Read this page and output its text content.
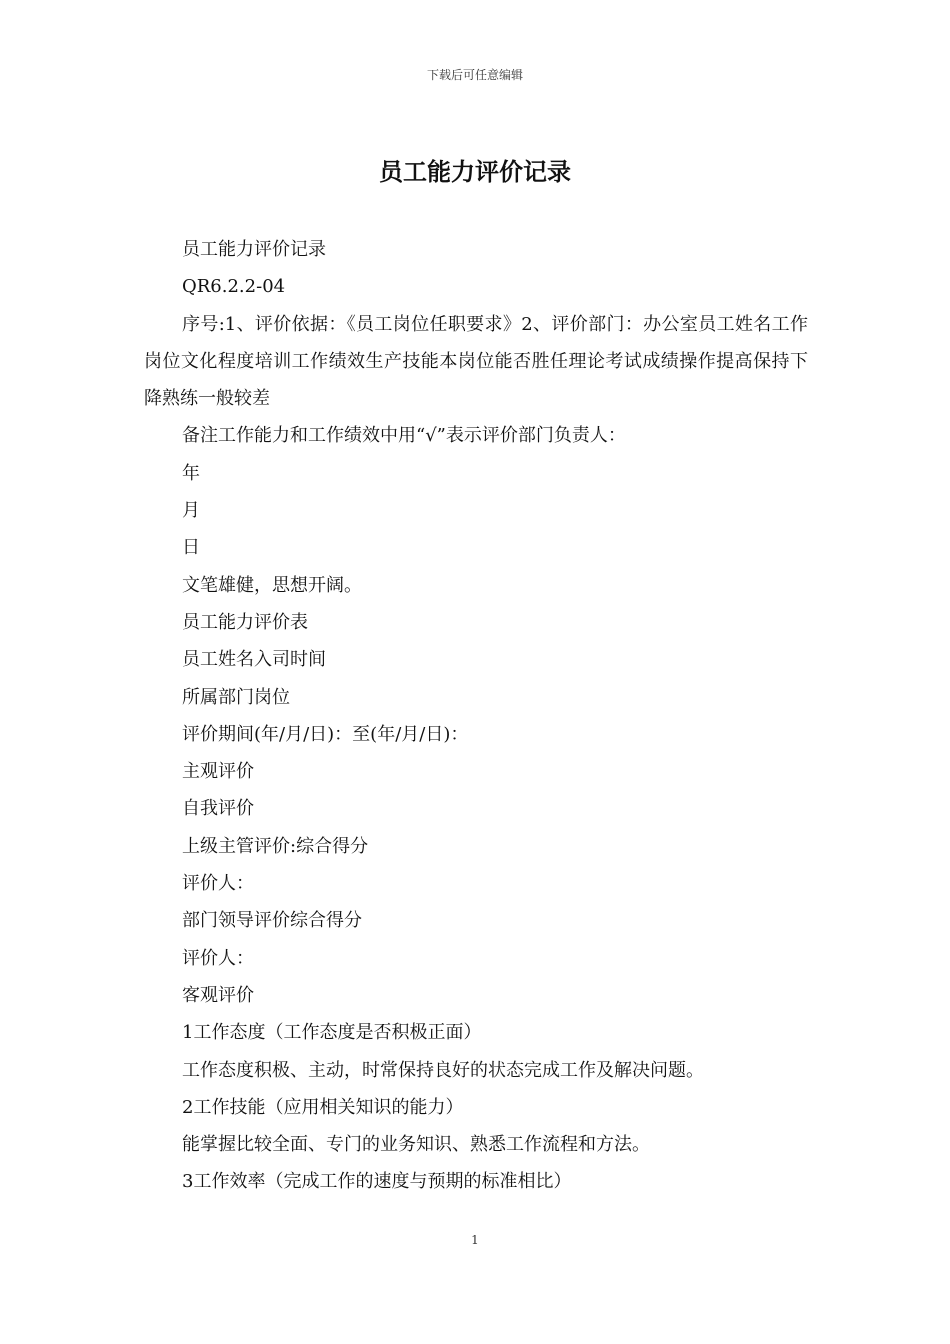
下载后可任意编辑
员工能力评价记录

员工能力评价记录

QR6.2.2-04

序号:1、评价依据：《员工岗位任职要求》2、评价部门：办公室员工姓名工作岗位文化程度培训工作绩效生产技能本岗位能否胜任理论考试成绩操作提高保持下降熟练一般较差

备注工作能力和工作绩效中用“√”表示评价部门负责人：

年

月

日

文笔雄健，思想开阔。

员工能力评价表

员工姓名入司时间

所属部门岗位

评价期间(年/月/日)：至(年/月/日)：

主观评价

自我评价

上级主管评价:综合得分

评价人：

部门领导评价综合得分

评价人：

客观评价

1工作态度（工作态度是否积极正面）

工作态度积极、主动，时常保持良好的状态完成工作及解决问题。

2工作技能（应用相关知识的能力）

能掌握比较全面、专门的业务知识、熟悉工作流程和方法。

3工作效率（完成工作的速度与预期的标准相比）

1
